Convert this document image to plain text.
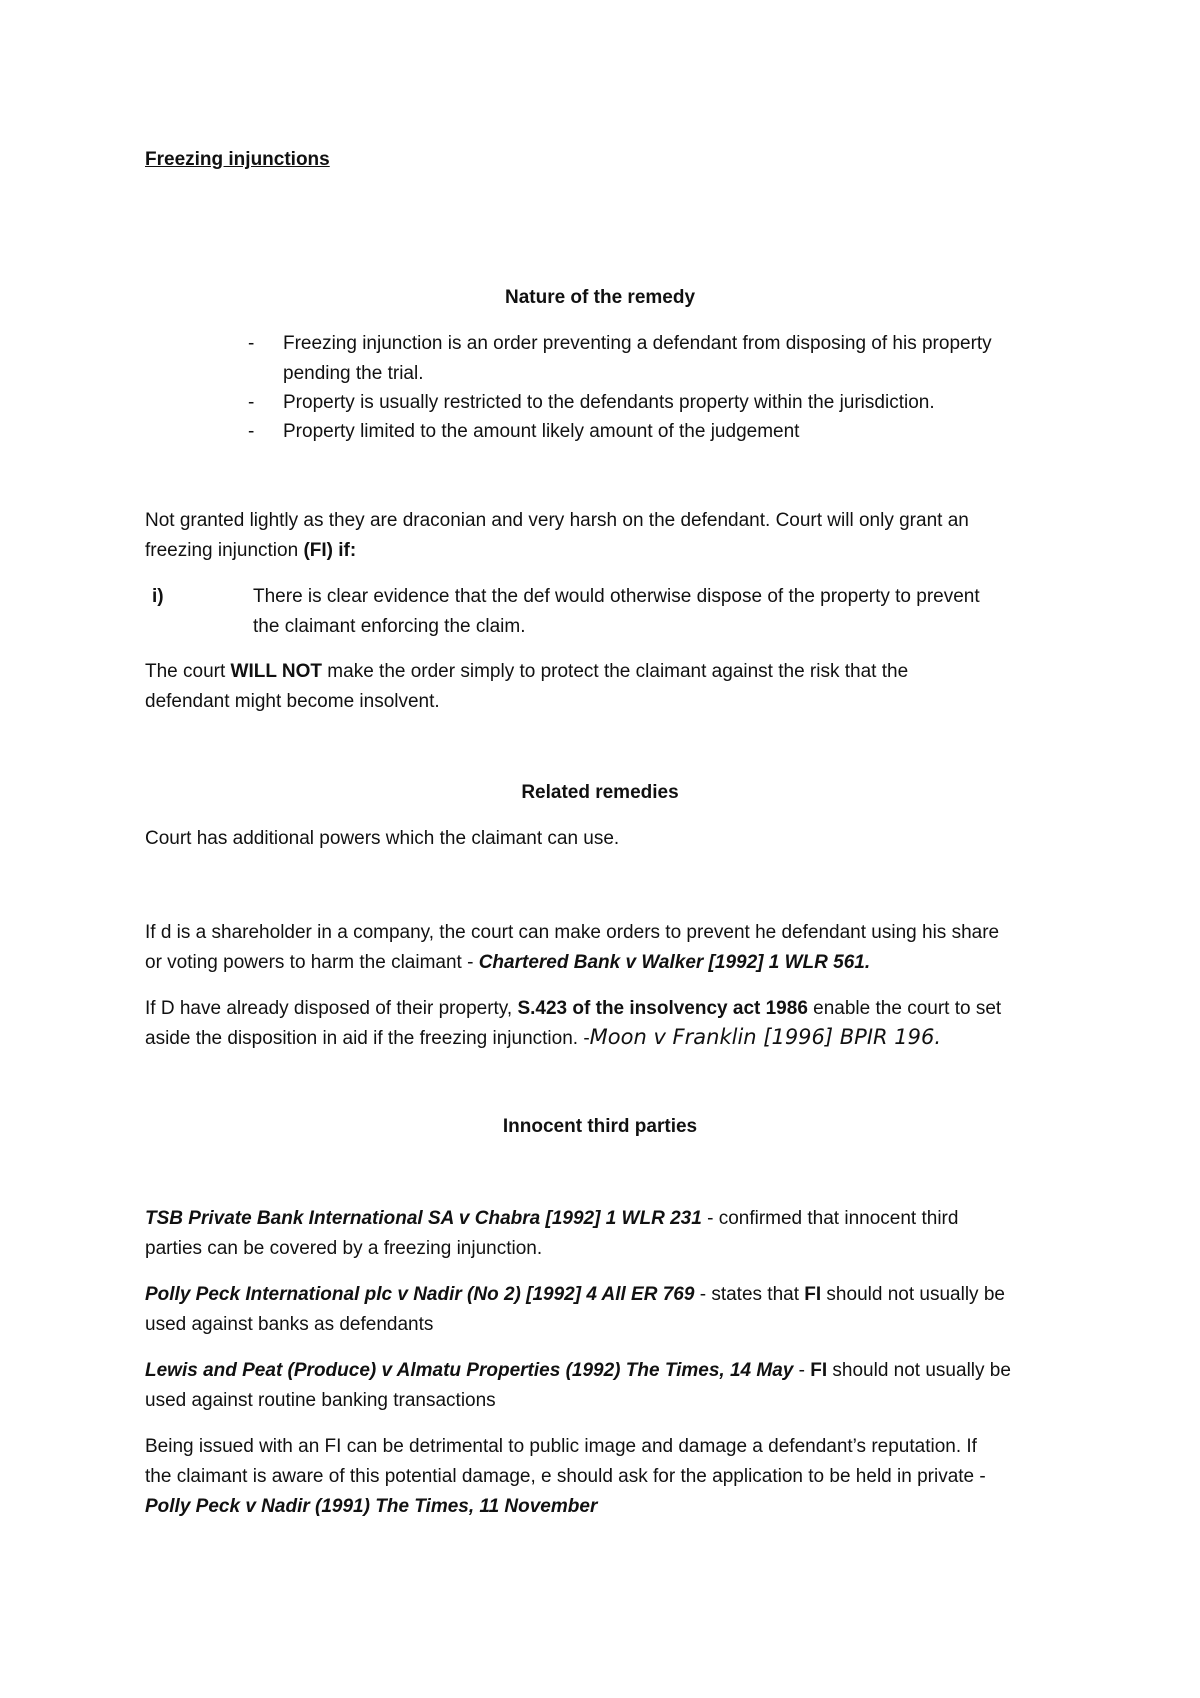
Freezing injunctions
Nature of the remedy
- Freezing injunction is an order preventing a defendant from disposing of his property
pending the trial.
- Property is usually restricted to the defendants property within the jurisdiction.
- Property limited to the amount likely amount of the judgement
Not granted lightly as they are draconian and very harsh on the defendant. Court will only grant an
freezing injunction (FI) if:
i)	There is clear evidence that the def would otherwise dispose of the property to prevent
the claimant enforcing the claim.
The court WILL NOT make the order simply to protect the claimant against the risk that the
defendant might become insolvent.
Related remedies
Court has additional powers which the claimant can use.
If d is a shareholder in a company, the court can make orders to prevent he defendant using his share
or voting powers to harm the claimant - Chartered Bank v Walker [1992] 1 WLR 561.
If D have already disposed of their property, S.423 of the insolvency act 1986 enable the court to set
aside the disposition in aid if the freezing injunction. -Moon v Franklin [1996] BPIR 196.
Innocent third parties
TSB Private Bank International SA v Chabra [1992] 1 WLR 231 - confirmed that innocent third
parties can be covered by a freezing injunction.
Polly Peck International plc v Nadir (No 2) [1992] 4 All ER 769 - states that FI should not usually be
used against banks as defendants
Lewis and Peat (Produce) v Almatu Properties (1992) The Times, 14 May - FI should not usually be
used against routine banking transactions
Being issued with an FI can be detrimental to public image and damage a defendant’s reputation. If
the claimant is aware of this potential damage, e should ask for the application to be held in private -
Polly Peck v Nadir (1991) The Times, 11 November
